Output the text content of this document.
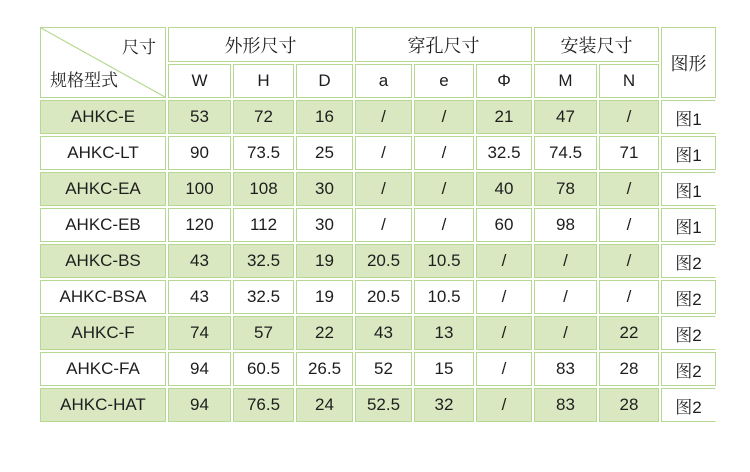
尺寸
规格型式	外形尺寸			穿孔尺寸			安装尺寸		图形
	W	H	D	a	e	Φ	M	N	
AHKC-E	53	72	16	/	/	21	47	/	图1
AHKC-LT	90	73.5	25	/	/	32.5	74.5	71	图1
AHKC-EA	100	108	30	/	/	40	78	/	图1
AHKC-EB	120	112	30	/	/	60	98	/	图1
AHKC-BS	43	32.5	19	20.5	10.5	/	/	/	图2
AHKC-BSA	43	32.5	19	20.5	10.5	/	/	/	图2
AHKC-F	74	57	22	43	13	/	/	22	图2
AHKC-FA	94	60.5	26.5	52	15	/	83	28	图2
AHKC-HAT	94	76.5	24	52.5	32	/	83	28	图2
